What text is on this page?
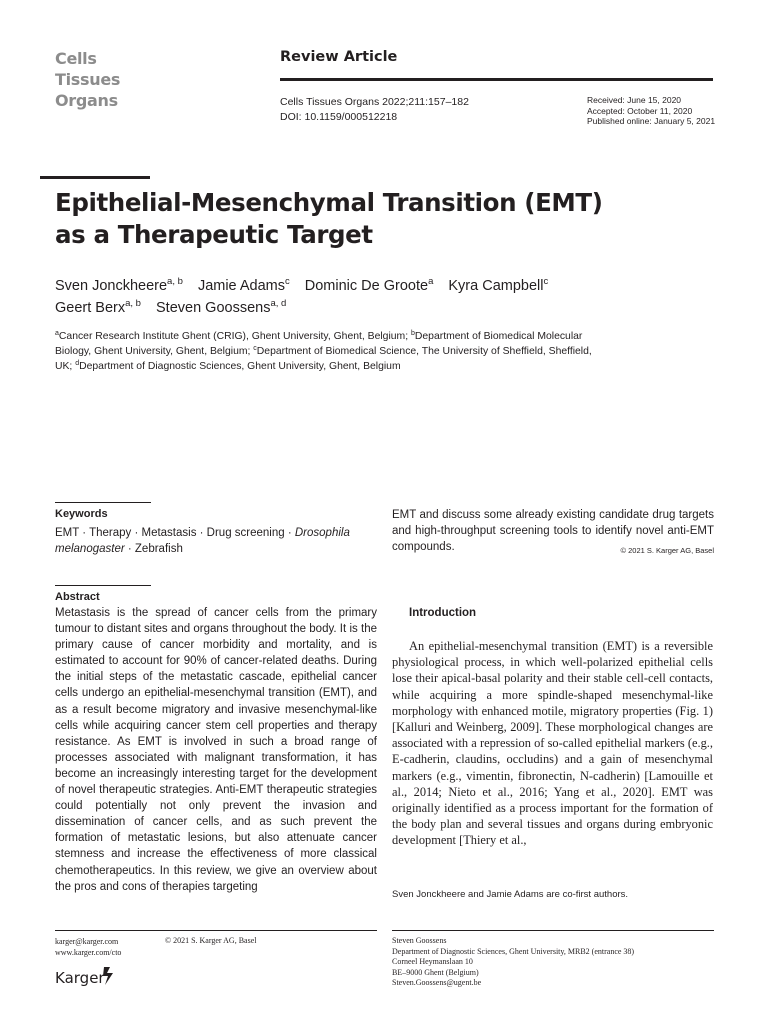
Cells
Tissues
Organs
Review Article
Cells Tissues Organs 2022;211:157–182
DOI: 10.1159/000512218
Received: June 15, 2020
Accepted: October 11, 2020
Published online: January 5, 2021
Epithelial-Mesenchymal Transition (EMT)
as a Therapeutic Target
Sven Jonckheere$^{a, b}$ Jamie Adams$^c$ Dominic De Groote$^a$ Kyra Campbell$^c$
Geert Berx$^{a, b}$ Steven Goossens$^{a, d}$
$^a$Cancer Research Institute Ghent (CRIG), Ghent University, Ghent, Belgium; $^b$Department of Biomedical Molecular Biology, Ghent University, Ghent, Belgium; $^c$Department of Biomedical Science, The University of Sheffield, Sheffield, UK; $^d$Department of Diagnostic Sciences, Ghent University, Ghent, Belgium
Keywords
EMT · Therapy · Metastasis · Drug screening · Drosophila melanogaster · Zebrafish
Abstract
Metastasis is the spread of cancer cells from the primary tumour to distant sites and organs throughout the body. It is the primary cause of cancer morbidity and mortality, and is estimated to account for 90% of cancer-related deaths. During the initial steps of the metastatic cascade, epithelial cancer cells undergo an epithelial-mesenchymal transition (EMT), and as a result become migratory and invasive mesenchymal-like cells while acquiring cancer stem cell properties and therapy resistance. As EMT is involved in such a broad range of processes associated with malignant transformation, it has become an increasingly interesting target for the development of novel therapeutic strategies. Anti-EMT therapeutic strategies could potentially not only prevent the invasion and dissemination of cancer cells, and as such prevent the formation of metastatic lesions, but also attenuate cancer stemness and increase the effectiveness of more classical chemotherapeutics. In this review, we give an overview about the pros and cons of therapies targeting
EMT and discuss some already existing candidate drug targets and high-throughput screening tools to identify novel anti-EMT compounds.	© 2021 S. Karger AG, Basel
Introduction
An epithelial-mesenchymal transition (EMT) is a reversible physiological process, in which well-polarized epithelial cells lose their apical-basal polarity and their stable cell-cell contacts, while acquiring a more spindle-shaped mesenchymal-like morphology with enhanced motile, migratory properties (Fig. 1) [Kalluri and Weinberg, 2009]. These morphological changes are associated with a repression of so-called epithelial markers (e.g., E-cadherin, claudins, occludins) and a gain of mesenchymal markers (e.g., vimentin, fibronectin, N-cadherin) [Lamouille et al., 2014; Nieto et al., 2016; Yang et al., 2020]. EMT was originally identified as a process important for the formation of the body plan and several tissues and organs during embryonic development [Thiery et al.,
Sven Jonckheere and Jamie Adams are co-first authors.
karger@karger.com
www.karger.com/cto
© 2021 S. Karger AG, Basel
Karger
Steven Goossens
Department of Diagnostic Sciences, Ghent University, MRB2 (entrance 38)
Corneel Heymanslaan 10
BE–9000 Ghent (Belgium)
Steven.Goossens@ugent.be
